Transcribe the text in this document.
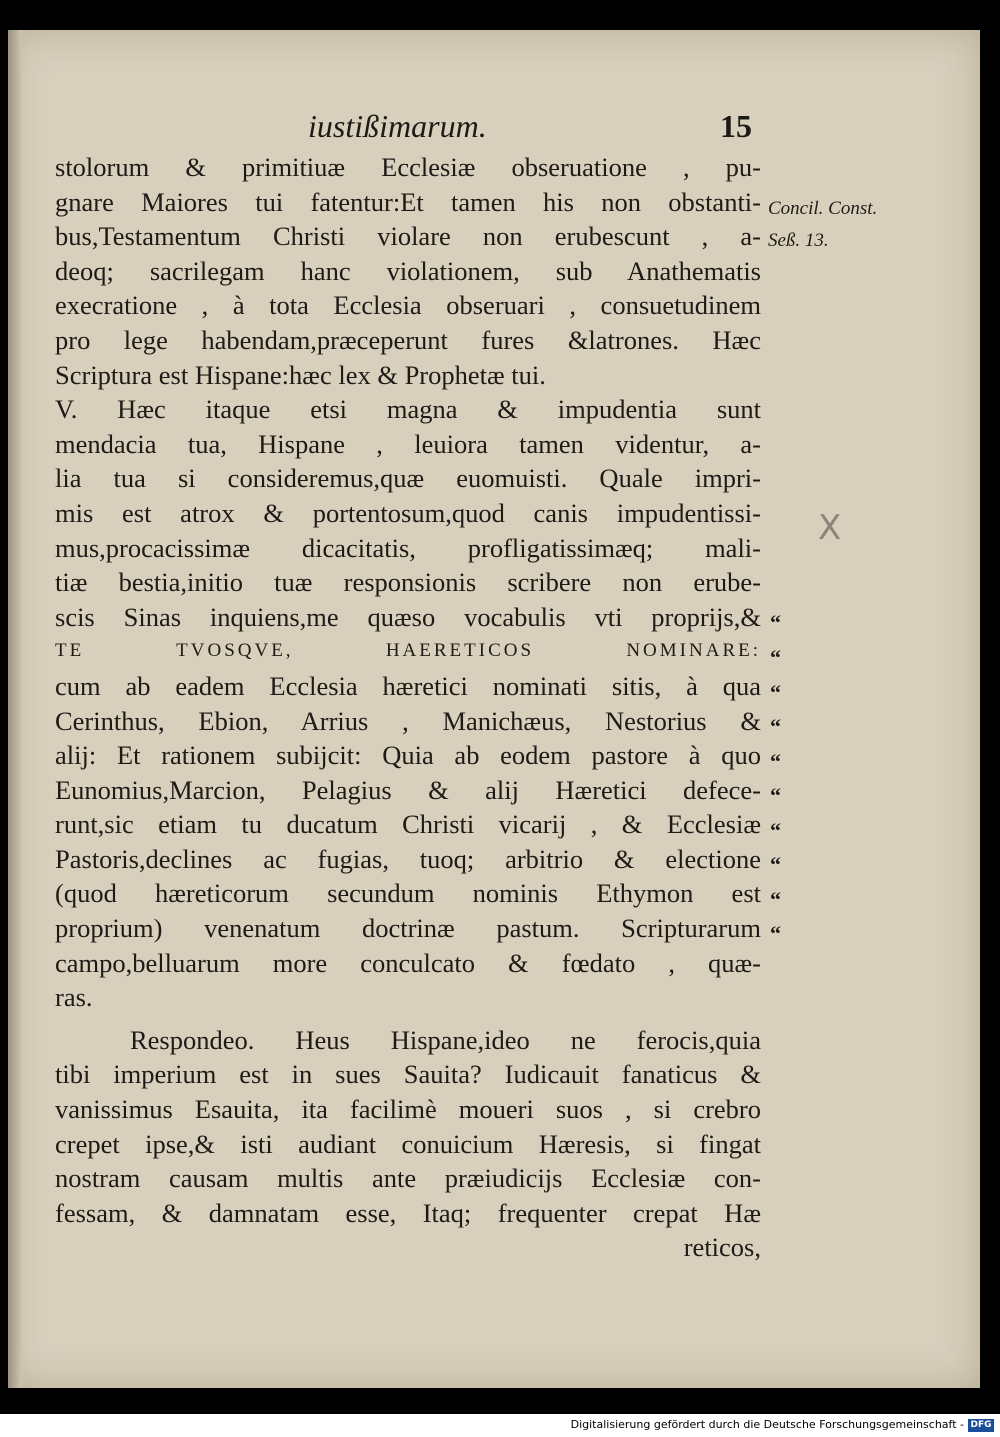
iustißimarum.	15
stolorum & primitiuæ Ecclesiæ obseruatione , pu-
gnare Maiores tui fatentur:Et tamen his non obstanti-
bus,Testamentum Christi violare non erubescunt , a-
deoq; sacrilegam hanc violationem, sub Anathematis
execratione , à tota Ecclesia obseruari , consuetudinem
pro lege habendam,præceperunt fures &latrones. Hæc
Scriptura est Hispane:hæc lex & Prophetæ tui.
V. Hæc itaque etsi magna & impudentia sunt
mendacia tua, Hispane , leuiora tamen videntur, a-
lia tua si consideremus,quæ euomuisti. Quale impri-
mis est atrox & portentosum,quod canis impudentissi-
mus,procacissimæ dicacitatis, profligatissimæq; mali-
tiæ bestia,initio tuæ responsionis scribere non erube-
scis Sinas inquiens,me quæso vocabulis vti proprijs,&
TE TVOSQVE, HAERETICOS NOMINARE:
cum ab eadem Ecclesia hæretici nominati sitis, à qua
Cerinthus, Ebion, Arrius , Manichæus, Nestorius &
alij: Et rationem subijcit: Quia ab eodem pastore à quo
Eunomius,Marcion, Pelagius & alij Hæretici defece-
runt,sic etiam tu ducatum Christi vicarij , & Ecclesiæ
Pastoris,declines ac fugias, tuoq; arbitrio & electione
(quod hæreticorum secundum nominis Ethymon est
proprium) venenatum doctrinæ pastum. Scripturarum
campo,belluarum more conculcato & fœdato , quæ-
ras.
Respondeo. Heus Hispane,ideo ne ferocis,quia
tibi imperium est in sues Sauita? Iudicauit fanaticus &
vanissimus Esauita, ita facilimè moueri suos , si crebro
crepet ipse,& isti audiant conuicium Hæresis, si fingat
nostram causam multis ante præiudicijs Ecclesiæ con-
fessam, & damnatam esse, Itaq; frequenter crepat Hæ
reticos,
Concil. Const.
Seß. 13.
“
“
“
“
“
“
“
“
“
“
X
Digitalisierung gefördert durch die Deutsche Forschungsgemeinschaft - DFG
